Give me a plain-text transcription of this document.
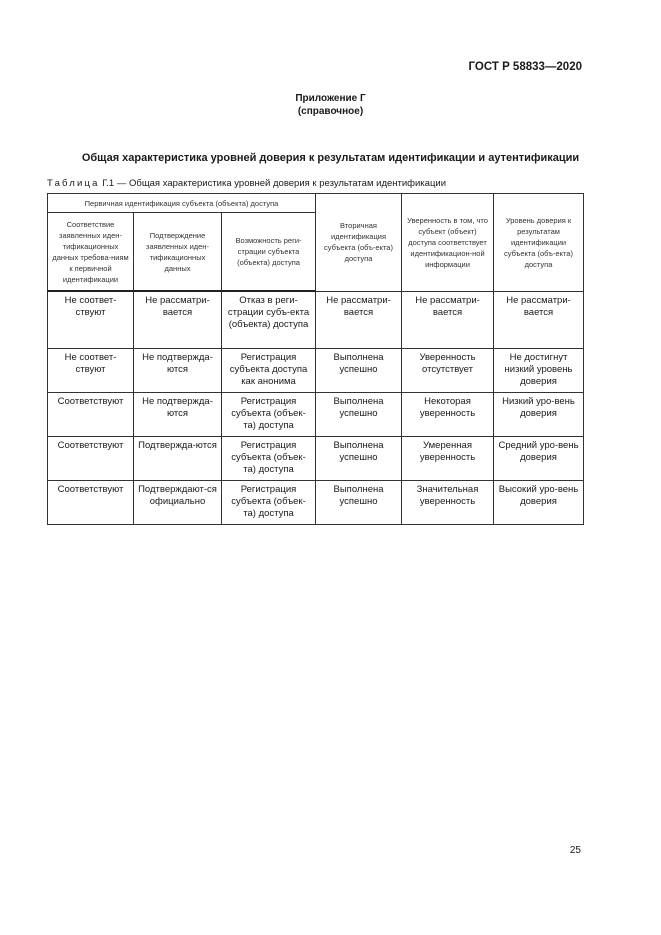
ГОСТ Р 58833—2020
Приложение Г
(справочное)
Общая характеристика уровней доверия к результатам идентификации и аутентификации
Таблица Г.1 — Общая характеристика уровней доверия к результатам идентификации
Первичная идентификация субъекта (объекта) доступа			Вторичная идентификация субъекта (объ-екта) доступа	Уверенность в том, что субъект (объект) доступа соответствует идентификацион-ной информации	Уровень доверия к результатам идентификации субъекта (объ-екта) доступа
Соответствие заявленных иден-тификационных данных требова-ниям к первичной идентификации	Подтверждение заявленных иден-тификационных данных	Возможность реги-страции субъекта (объекта) доступа			
Не соответ-ствуют	Не рассматри-вается	Отказ в реги-страции субъ-екта (объекта) доступа	Не рассматри-вается	Не рассматри-вается	Не рассматри-вается
Не соответ-ствуют	Не подтвержда-ются	Регистрация субъекта доступа как анонима	Выполнена успешно	Уверенность отсутствует	Не достигнут низкий уровень доверия
Соответствуют	Не подтвержда-ются	Регистрация субъекта (объек-та) доступа	Выполнена успешно	Некоторая уверенность	Низкий уро-вень доверия
Соответствуют	Подтвержда-ются	Регистрация субъекта (объек-та) доступа	Выполнена успешно	Умеренная уверенность	Средний уро-вень доверия
Соответствуют	Подтверждают-ся официально	Регистрация субъекта (объек-та) доступа	Выполнена успешно	Значительная уверенность	Высокий уро-вень доверия
25
